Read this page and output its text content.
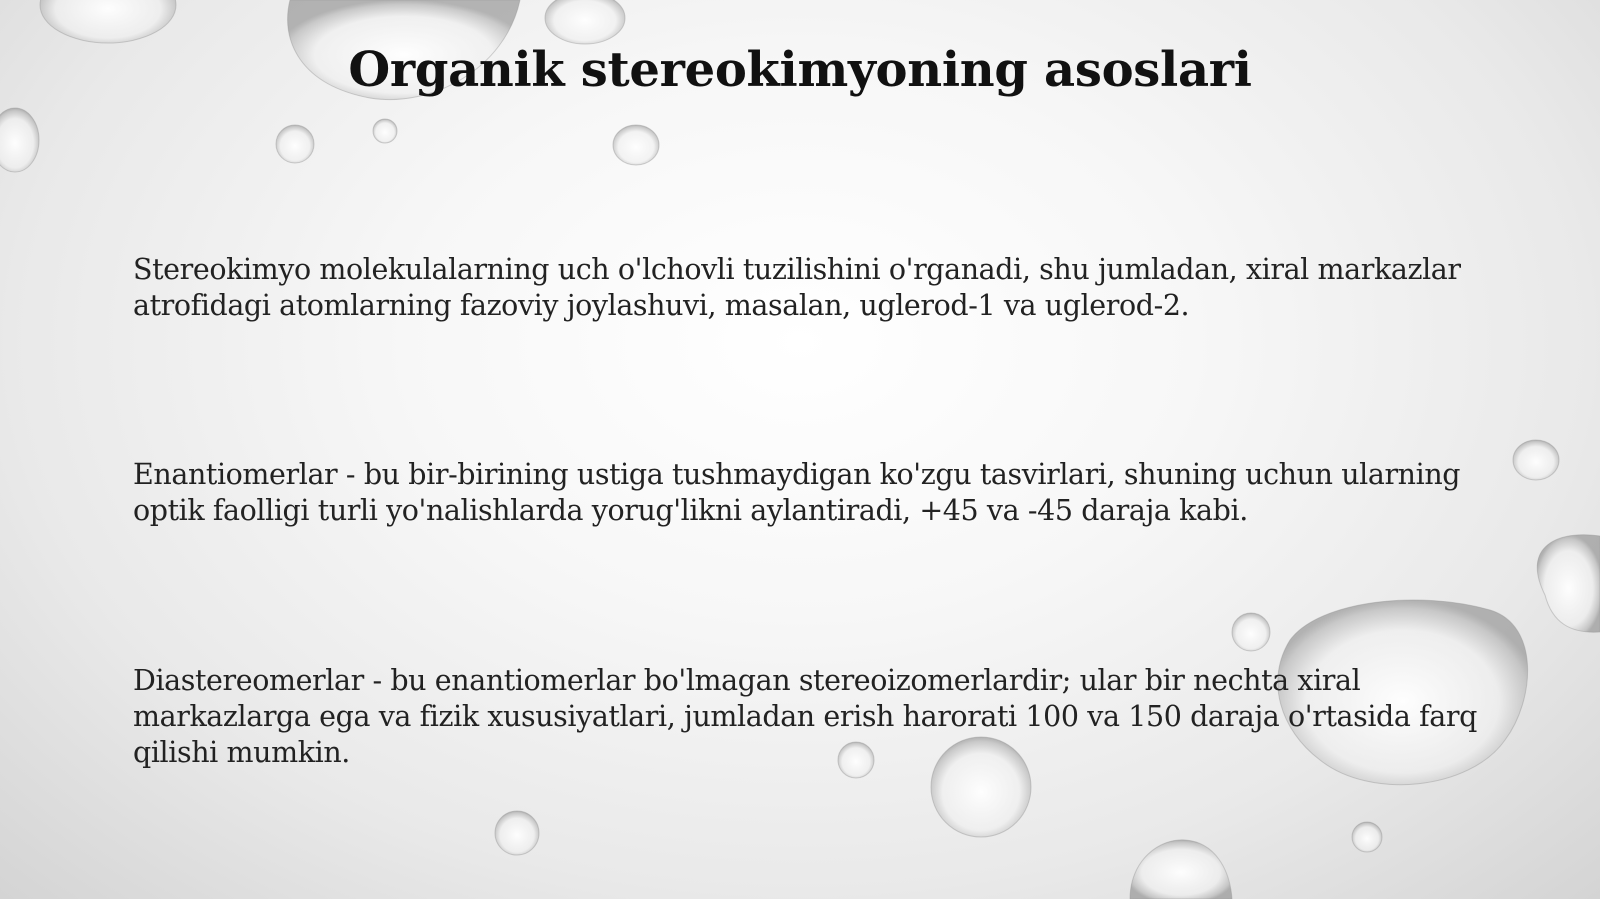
Organik stereokimyoning asoslari

Stereokimyo molekulalarning uch o'lchovli tuzilishini o'rganadi, shu jumladan, xiral markazlar atrofidagi atomlarning fazoviy joylashuvi, masalan, uglerod-1 va uglerod-2.

Enantiomerlar - bu bir-birining ustiga tushmaydigan ko'zgu tasvirlari, shuning uchun ularning optik faolligi turli yo'nalishlarda yorug'likni aylantiradi, +45 va -45 daraja kabi.

Diastereomerlar - bu enantiomerlar bo'lmagan stereoizomerlardir; ular bir nechta xiral markazlarga ega va fizik xususiyatlari, jumladan erish harorati 100 va 150 daraja o'rtasida farq qilishi mumkin.
